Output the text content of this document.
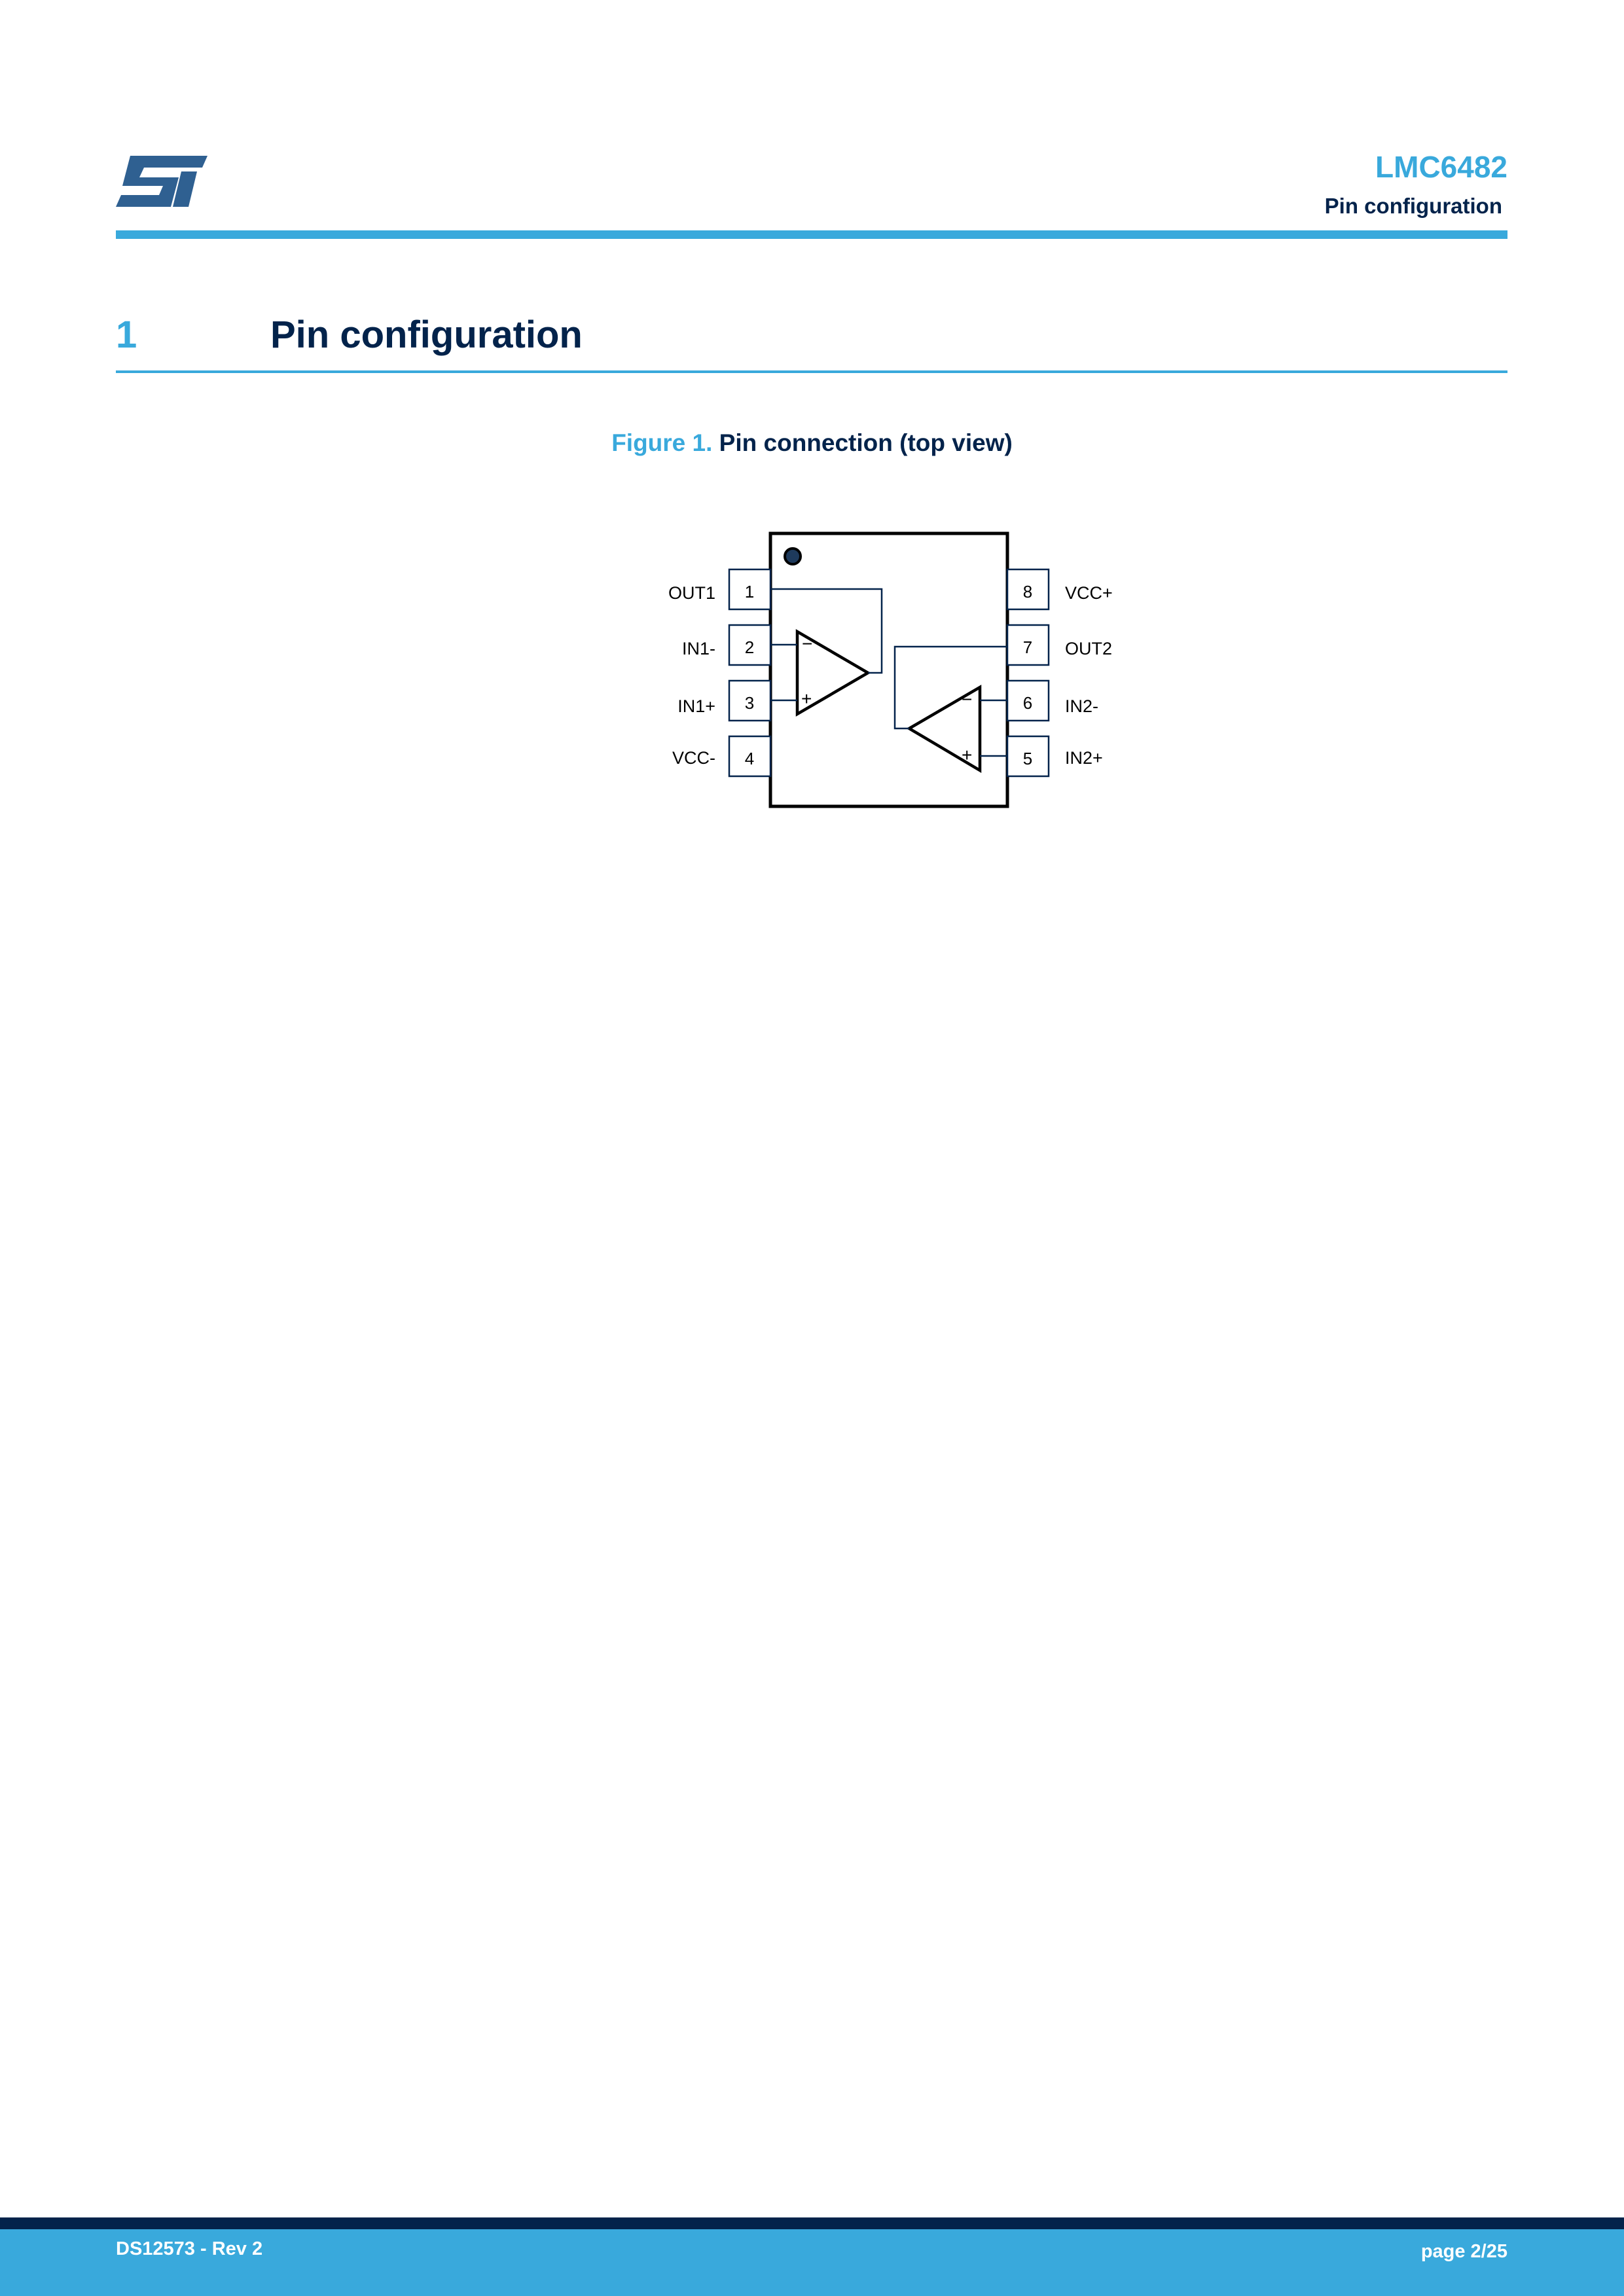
LMC6482
Pin configuration
1	Pin configuration
Figure 1. Pin connection (top view)
1
2
3
4
8
7
6
5
OUT1
IN1-
IN1+
VCC-
VCC+
OUT2
IN2-
IN2+
−
+	−
+
DS12573 - Rev 2	page 2/25
